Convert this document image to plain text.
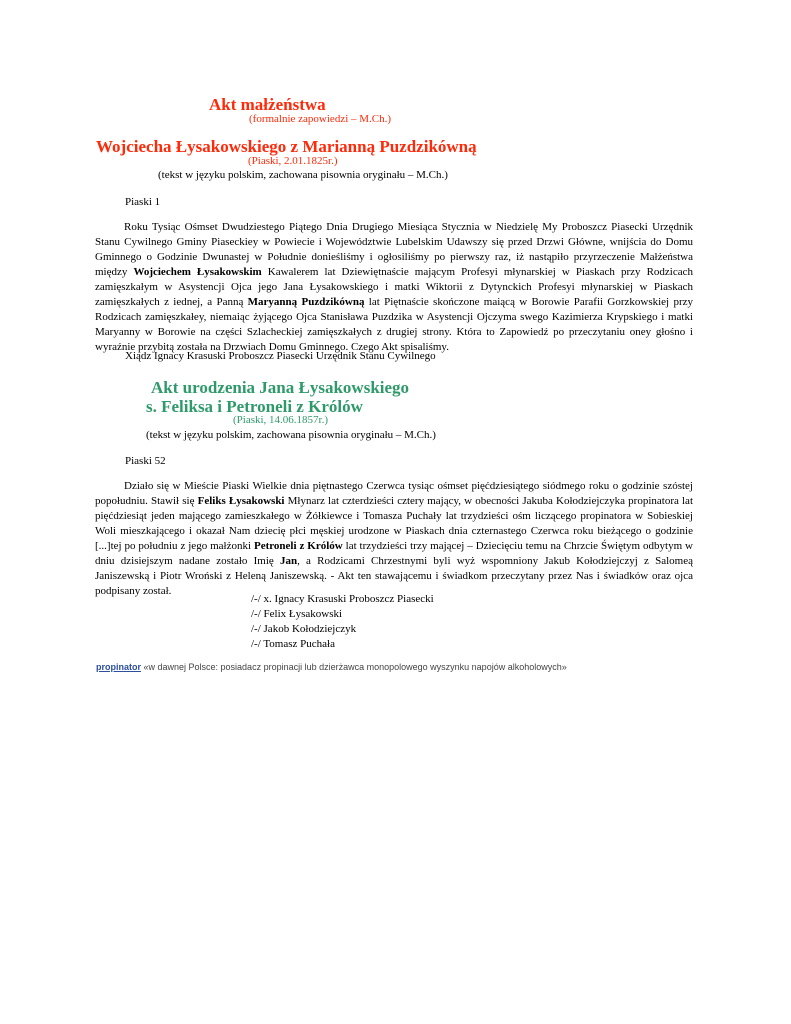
Akt małżeństwa
(formalnie zapowiedzi – M.Ch.)
Wojciecha Łysakowskiego z Marianną Puzdzikówną
(Piaski, 2.01.1825r.)
(tekst w języku polskim, zachowana pisownia oryginału – M.Ch.)
Piaski 1
Roku Tysiąc Ośmset Dwudziestego Piątego Dnia Drugiego Miesiąca Stycznia w Niedzielę My Proboszcz Piasecki Urzędnik Stanu Cywilnego Gminy Piaseckiey w Powiecie i Województwie Lubelskim Udawszy się przed Drzwi Główne, wnijścia do Domu Gminnego o Godzinie Dwunastej w Południe donieśliśmy i ogłosiliśmy po pierwszy raz, iż nastąpiło przyrzeczenie Małżeństwa między Wojciechem Łysakowskim Kawalerem lat Dziewiętnaście mającym Profesyi młynarskiej w Piaskach przy Rodzicach zamięszkałym w Asystencji Ojca jego Jana Łysakowskiego i matki Wiktorii z Dytynckich Profesyi młynarskiej w Piaskach zamięszkałych z iednej, a Panną Maryanną Puzdzikówną lat Piętnaście skończone maiącą w Borowie Parafii Gorzkowskiej przy Rodzicach zamięszkałey, niemaiąc żyjącego Ojca Stanisława Puzdzika w Asystencji Ojczyma swego Kazimierza Krypskiego i matki Maryanny w Borowie na części Szlacheckiej zamięszkałych z drugiej strony. Która to Zapowiedź po przeczytaniu oney głośno i wyraźnie przybitą została na Drzwiach Domu Gminnego. Czego Akt spisaliśmy.
Xiądz Ignacy Krasuski Proboszcz Piasecki Urzędnik Stanu Cywilnego
Akt urodzenia Jana Łysakowskiego
s. Feliksa i Petroneli z Królów
(Piaski, 14.06.1857r.)
(tekst w języku polskim, zachowana pisownia oryginału – M.Ch.)
Piaski 52
Działo się w Mieście Piaski Wielkie dnia piętnastego Czerwca tysiąc ośmset pięćdziesiątego siódmego roku o godzinie szóstej popołudniu. Stawił się Feliks Łysakowski Młynarz lat czterdzieści cztery mający, w obecności Jakuba Kołodziejczyka propinatora lat pięćdziesiąt jeden mającego zamieszkałego w Żółkiewce i Tomasza Puchały lat trzydzieści ośm liczącego propinatora w Sobieskiej Woli mieszkającego i okazał Nam dziecię płci męskiej urodzone w Piaskach dnia czternastego Czerwca roku bieżącego o godzinie [...]tej po południu z jego małżonki Petroneli z Królów lat trzydzieści trzy mającej – Dziecięciu temu na Chrzcie Świętym odbytym w dniu dzisiejszym nadane zostało Imię Jan, a Rodzicami Chrzestnymi byli wyż wspomniony Jakub Kołodziejczyj z Salomeą Janiszewską i Piotr Wroński z Heleną Janiszewską. - Akt ten stawającemu i świadkom przeczytany przez Nas i świadków oraz ojca podpisany został.
/-/ x. Ignacy Krasuski Proboszcz Piasecki
/-/ Felix Łysakowski
/-/ Jakob Kołodziejczyk
/-/ Tomasz Puchała
propinator «w dawnej Polsce: posiadacz propinacji lub dzierżawca monopolowego wyszynku napojów alkoholowych»
